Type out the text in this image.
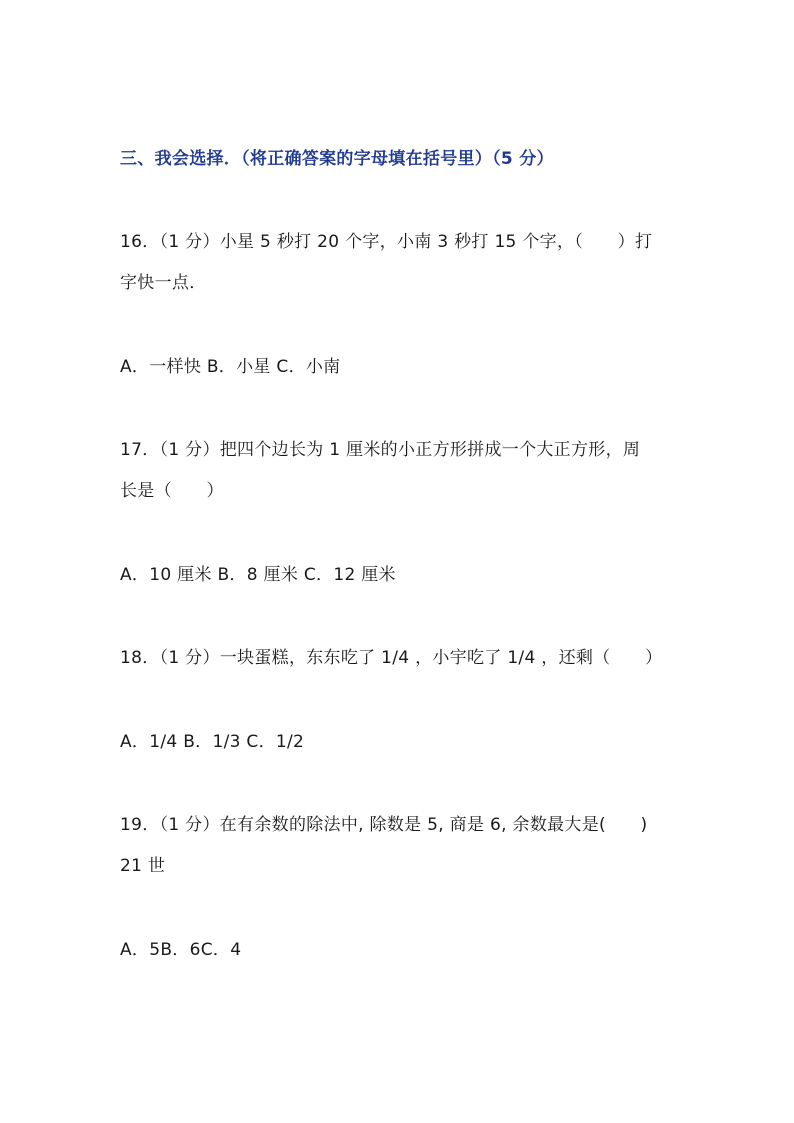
三、我会选择．（将正确答案的字母填在括号里）（5 分）
16．（1 分）小星 5 秒打 20 个字，小南 3 秒打 15 个字，（　　）打
字快一点．
A．一样快 B．小星 C．小南
17．（1 分）把四个边长为 1 厘米的小正方形拼成一个大正方形，周
长是（　　）
A．10 厘米 B．8 厘米 C．12 厘米
18．（1 分）一块蛋糕，东东吃了 1/4 ，小宇吃了 1/4 ，还剩（　　）
A．1/4 B．1/3 C．1/2
19．（1 分）在有余数的除法中, 除数是 5, 商是 6, 余数最大是(　　)
21 世
A．5B．6C．4
